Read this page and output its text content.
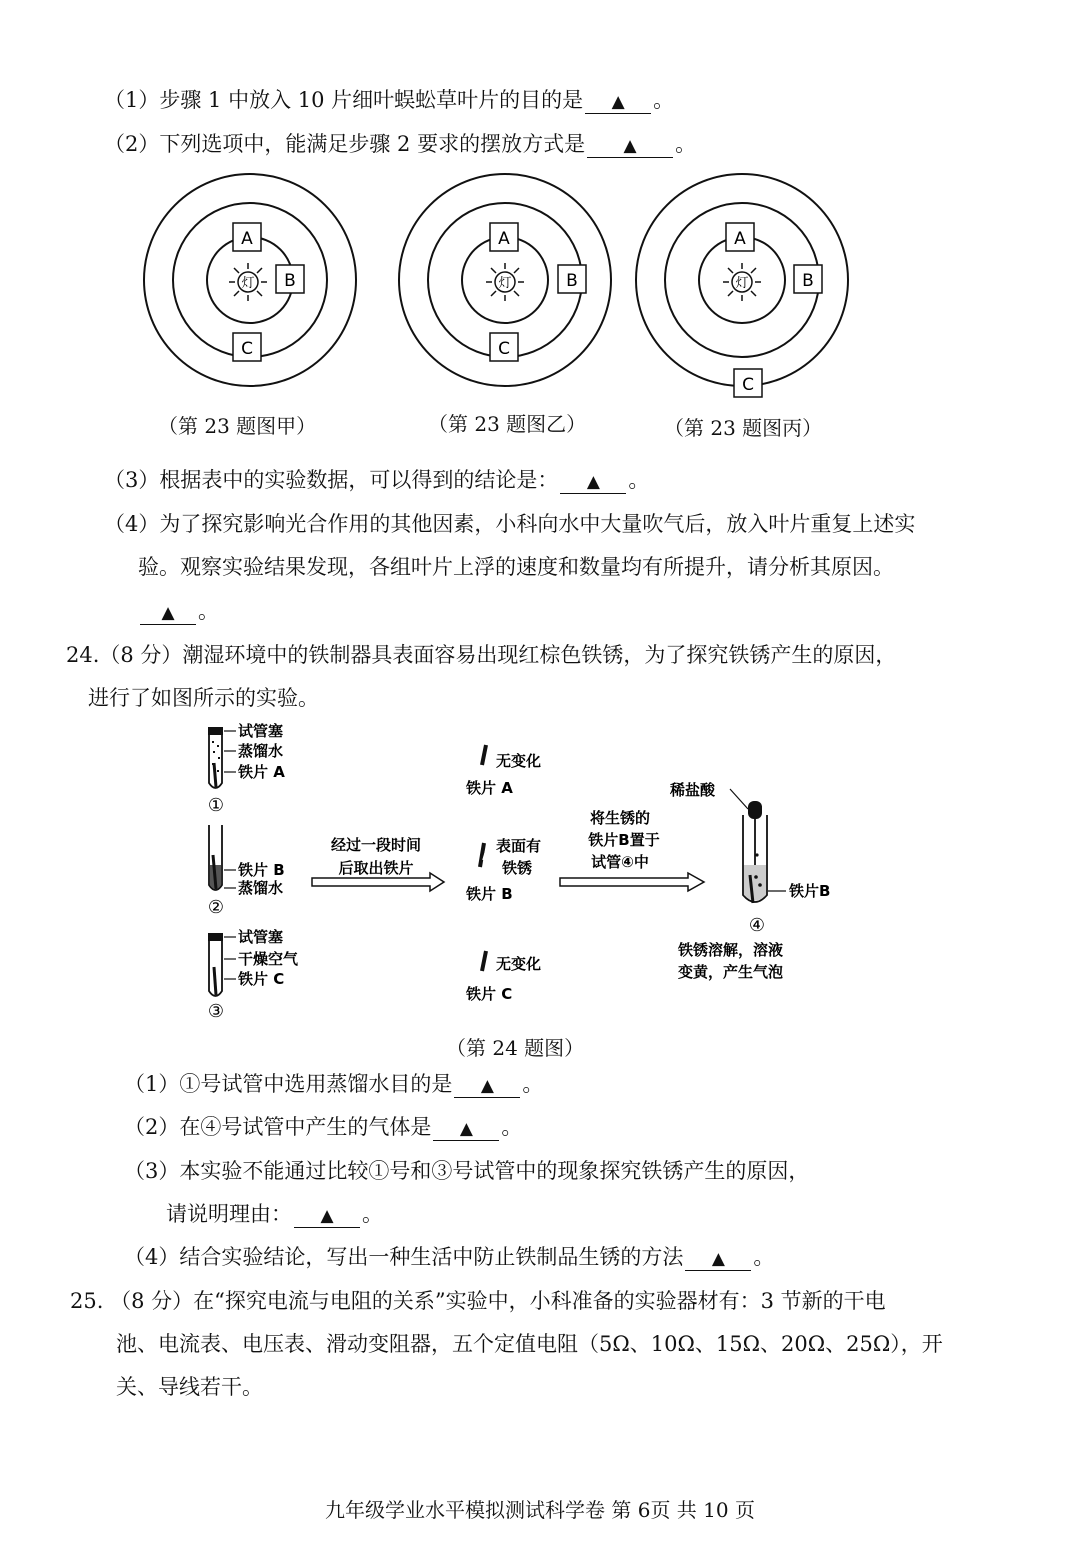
（1）步骤 1 中放入 10 片细叶蜈蚣草叶片的目的是 ▲ 。
（2）下列选项中，能满足步骤 2 要求的摆放方式是 ▲ 。
灯
A
B
C
灯
A
B
C
灯
A
B
C
（第 23 题图甲）	（第 23 题图乙）	（第 23 题图丙）
（3）根据表中的实验数据，可以得到的结论是： ▲ 。
（4）为了探究影响光合作用的其他因素，小科向水中大量吹气后，放入叶片重复上述实
验。观察实验结果发现，各组叶片上浮的速度和数量均有所提升，请分析其原因。
▲ 。
24.（8 分）潮湿环境中的铁制器具表面容易出现红棕色铁锈，为了探究铁锈产生的原因，
进行了如图所示的实验。
试管塞
蒸馏水
铁片 A
①
铁片 B
蒸馏水
②
试管塞
干燥空气
铁片 C
③
经过一段时间
后取出铁片
无变化
铁片 A
表面有
铁锈
铁片 B
无变化
铁片 C
将生锈的
铁片B置于
试管④中
稀盐酸
铁片B
④
铁锈溶解，溶液
变黄，产生气泡
（第 24 题图）
（1）①号试管中选用蒸馏水目的是 ▲ 。
（2）在④号试管中产生的气体是 ▲ 。
（3）本实验不能通过比较①号和③号试管中的现象探究铁锈产生的原因，
请说明理由： ▲ 。
（4）结合实验结论，写出一种生活中防止铁制品生锈的方法 ▲ 。
25. （8 分）在“探究电流与电阻的关系”实验中，小科准备的实验器材有：3 节新的干电
池、电流表、电压表、滑动变阻器，五个定值电阻（5Ω、10Ω、15Ω、20Ω、25Ω），开
关、导线若干。
九年级学业水平模拟测试科学卷 第 6页 共 10 页
